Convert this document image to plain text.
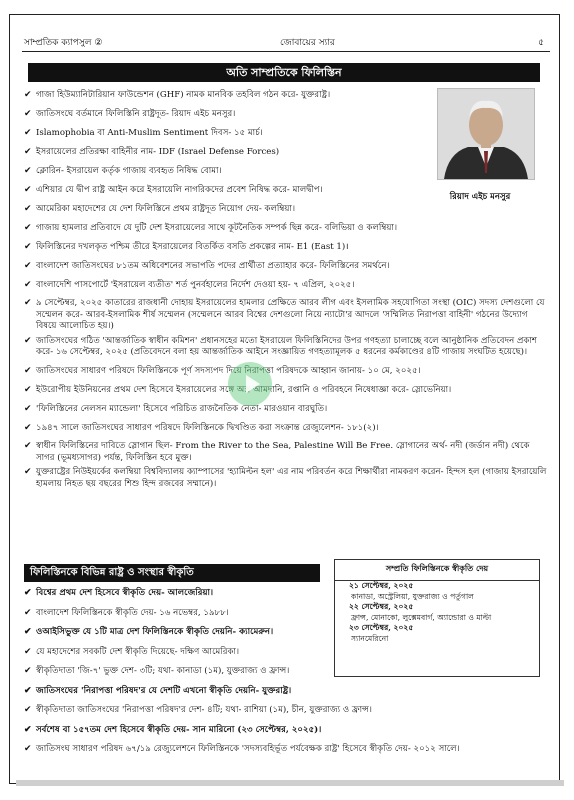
সাম্প্রতিক ক্যাপসুল ②	জোবায়ের স্যার	৫
অতি সাম্প্রতিকে ফিলিস্তিন
✔ গাজা হিউম্যানিটারিয়ান ফাউন্ডেশন (GHF) নামক মানবিক তহবিল গঠন করে- যুক্তরাষ্ট্র।
✔ জাতিসংঘে বর্তমানে ফিলিস্তিনি রাষ্ট্রদূত- রিয়াদ এইচ মনসুর।
✔ Islamophobia বা Anti-Muslim Sentiment দিবস- ১৫ মার্চ।
✔ ইসরায়েলের প্রতিরক্ষা বাহিনীর নাম- IDF (Israel Defense Forces)
✔ ক্লোরিন- ইসরায়েল কর্তৃক গাজায় ব্যবহৃত নিষিদ্ধ বোমা।
✔ এশিয়ার যে দ্বীপ রাষ্ট্র আইন করে ইসরায়েলি নাগরিকদের প্রবেশ নিষিদ্ধ করে- মালদ্বীপ।
✔ আমেরিকা মহাদেশের যে দেশ ফিলিস্তিনে প্রথম রাষ্ট্রদূত নিয়োগ দেয়- কলম্বিয়া।
✔ গাজায় হামলার প্রতিবাদে যে দুটি দেশ ইসরায়েলের সাথে কূটনৈতিক সম্পর্ক ছিন্ন করে- বলিভিয়া ও কলম্বিয়া।
✔ ফিলিস্তিনের দখলকৃত পশ্চিম তীরে ইসরায়েলের বিতর্কিত বসতি প্রকল্পের নাম- E1 (East 1)।
✔ বাংলাদেশ জাতিসংঘের ৮১তম অধিবেশনের সভাপতি পদের প্রার্থীতা প্রত্যাহার করে- ফিলিস্তিনের সমর্থনে।
✔ বাংলাদেশি পাসপোর্টে 'ইসরায়েল ব্যতীত' শর্ত পুনর্বহালের নির্দেশ দেওয়া হয়- ৭ এপ্রিল, ২০২৫।
✔ ৯ সেপ্টেম্বর, ২০২৫ কাতারের রাজধানী দোহায় ইসরায়েলের হামলার প্রেক্ষিতে আরব লীগ এবং ইসলামিক সহযোগিতা সংস্থা (OIC) সদস্য দেশগুলো যে সম্মেলন করে- আরব-ইসলামিক শীর্ষ সম্মেলন (সম্মেলনে আরব বিশ্বের দেশগুলো নিয়ে ন্যাটো'র আদলে 'সম্মিলিত নিরাপত্তা বাহিনী' গঠনের উদ্যোগ বিষয়ে আলোচিত হয়।)
✔ জাতিসংঘের গঠিত 'আন্তর্জাতিক স্বাধীন কমিশন' প্রধানসহের মতো ইসরায়েল ফিলিস্তিনিদের উপর গণহত্যা চালাচ্ছে বলে আনুষ্ঠানিক প্রতিবেদন প্রকাশ করে- ১৬ সেপ্টেম্বর, ২০২৫ (প্রতিবেদনে বলা হয় আন্তর্জাতিক আইনে সংজ্ঞায়িত গণহত্যামূলক ৫ ধরনের কর্মকাণ্ডের ৪টি গাজায় সংঘটিত হয়েছে)।
✔ জাতিসংঘের সাধারণ পরিষদে ফিলিস্তিনকে পূর্ণ সদস্যপদ দিয়ে নিরাপত্তা পরিষদকে আহ্বান জানায়- ১০ মে, ২০২৫।
✔ ইউরোপীয় ইউনিয়নের প্রথম দেশ হিসেবে ইসরায়েলের সঙ্গে অস্ত্র আমদানি, রপ্তানি ও পরিবহনে নিষেধাজ্ঞা করে- স্লোভেনিয়া।
✔ 'ফিলিস্তিনের নেলসন ম্যান্ডেলা' হিসেবে পরিচিত রাজনৈতিক নেতা- মারওয়ান বারঘুতি।
✔ ১৯৪৭ সালে জাতিসংঘের সাধারণ পরিষদে ফিলিস্তিনকে দ্বিখণ্ডিত করা সংক্রান্ত রেজ্যুলেশন- ১৮১(২)।
✔ স্বাধীন ফিলিস্তিনের দাবিতে স্লোগান ছিল- From the River to the Sea, Palestine Will Be Free. স্লোগানের অর্থ- নদী (জর্ডান নদী) থেকে সাগর (ভূমধ্যসাগর) পর্যন্ত, ফিলিস্তিন হবে মুক্ত।
✔ যুক্তরাষ্ট্রের নিউইয়র্কের কলম্বিয়া বিশ্ববিদ্যালয় ক্যাম্পাসের 'হ্যামিল্টন হল' এর নাম পরিবর্তন করে শিক্ষার্থীরা নামকরণ করেন- হিন্দস হল (গাজায় ইসরায়েলি হামলায় নিহত ছয় বছরের শিশু হিন্দ রজবের সম্মানে)।
রিয়াদ এইচ মনসুর
ফিলিস্তিনকে বিভিন্ন রাষ্ট্র ও সংস্থার স্বীকৃতি	সম্প্রতি ফিলিস্তিনকে স্বীকৃতি দেয়
২১ সেপ্টেম্বর, ২০২৫
কানাডা, অস্ট্রেলিয়া, যুক্তরাজ্য ও পর্তুগাল
২২ সেপ্টেম্বর, ২০২৫
ফ্রান্স, মোনাকো, লুক্সেমবার্গ, অ্যান্ডোরা ও মাল্টা
২৩ সেপ্টেম্বর, ২০২৫
স্যানমেরিনো
✔ বিশ্বের প্রথম দেশ হিসেবে স্বীকৃতি দেয়- আলজেরিয়া।
✔ বাংলাদেশ ফিলিস্তিনকে স্বীকৃতি দেয়- ১৬ নভেম্বর, ১৯৮৮।
✔ ওআইসিভুক্ত যে ১টি মাত্র দেশ ফিলিস্তিনকে স্বীকৃতি দেয়নি- ক্যামেরুন।
✔ যে মহাদেশের সবকটি দেশ স্বীকৃতি দিয়েছে- দক্ষিণ আমেরিকা।
✔ স্বীকৃতিদাতা 'জি-৭' ভুক্ত দেশ- ৩টি; যথা- কানাডা (১ম), যুক্তরাজ্য ও ফ্রান্স।
✔ জাতিসংঘের 'নিরাপত্তা পরিষদ'র যে দেশটি এখনো স্বীকৃতি দেয়নি- যুক্তরাষ্ট্র।
✔ স্বীকৃতিদাতা জাতিসংঘের 'নিরাপত্তা পরিষদ'র দেশ- ৪টি; যথা- রাশিয়া (১ম), চীন, যুক্তরাজ্য ও ফ্রান্স।
✔ সর্বশেষ বা ১৫৭তম দেশ হিসেবে স্বীকৃতি দেয়- সান মারিনো (২৩ সেপ্টেম্বর, ২০২৫)।
✔ জাতিসংঘ সাধারণ পরিষদ ৬৭/১৯ রেজ্যুলেশনে ফিলিস্তিনকে 'সদস্যবহির্ভূত পর্যবেক্ষক রাষ্ট্র' হিসেবে স্বীকৃতি দেয়- ২০১২ সালে।
